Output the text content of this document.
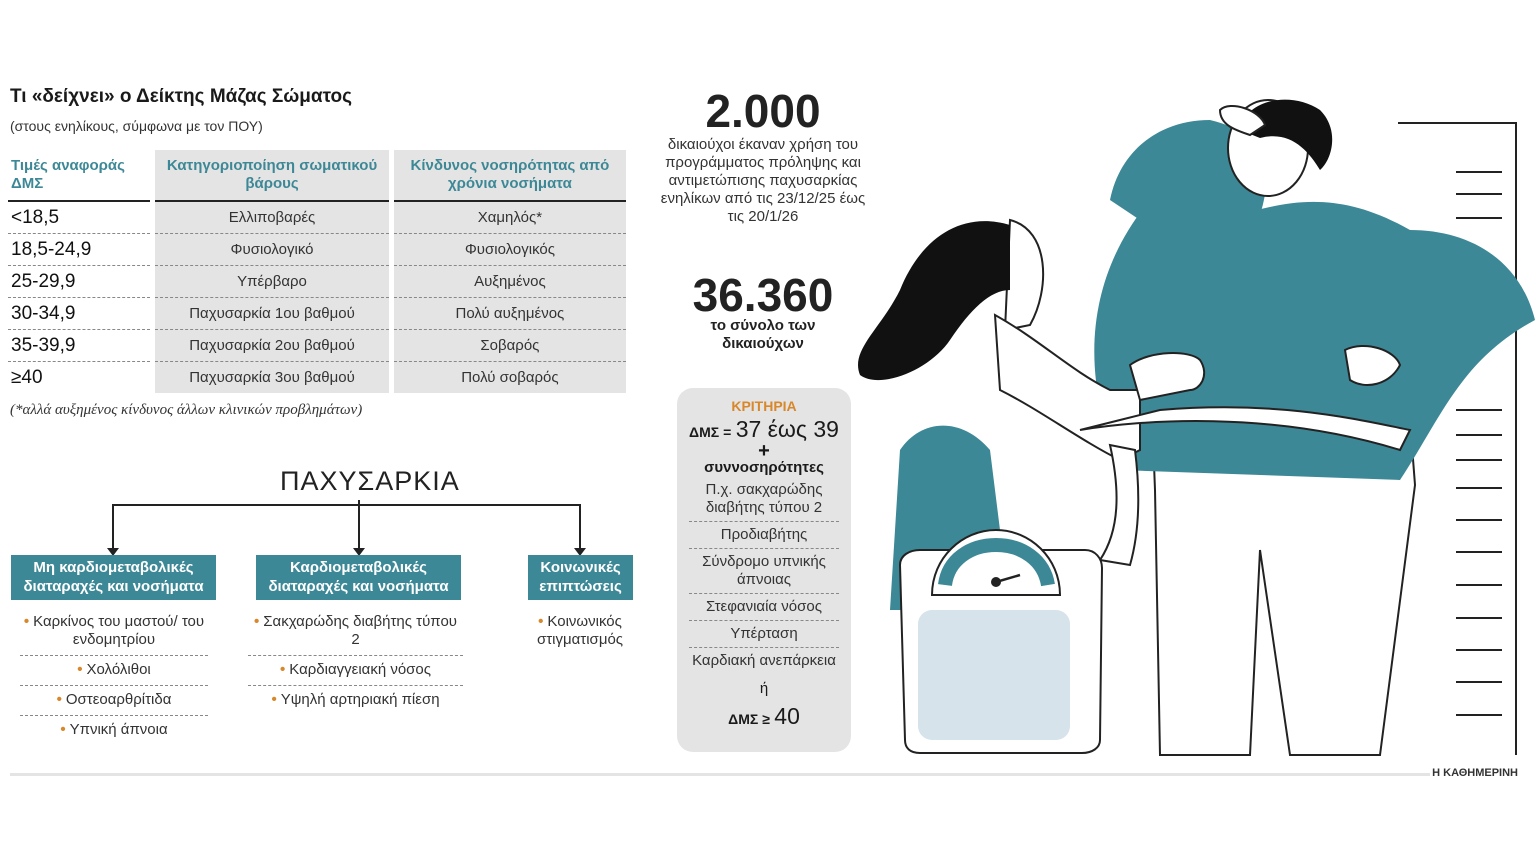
Τι «δείχνει» ο Δείκτης Μάζας Σώματος
(στους ενηλίκους, σύμφωνα με τον ΠΟΥ)
Τιμές αναφοράς ΔΜΣ	Κατηγοριοποίηση σωματικού βάρους	Κίνδυνος νοσηρότητας από χρόνια νοσήματα
<18,5	Ελλιποβαρές	Χαμηλός*
18,5-24,9	Φυσιολογικό	Φυσιολογικός
25-29,9	Υπέρβαρο	Αυξημένος
30-34,9	Παχυσαρκία 1ου βαθμού	Πολύ αυξημένος
35-39,9	Παχυσαρκία 2ου βαθμού	Σοβαρός
≥40	Παχυσαρκία 3ου βαθμού	Πολύ σοβαρός
(*αλλά αυξημένος κίνδυνος άλλων κλινικών προβλημάτων)
ΠΑΧΥΣΑΡΚΙΑ
Μη καρδιομεταβολικές διαταραχές και νοσήματα
Καρδιομεταβολικές διαταραχές και νοσήματα
Κοινωνικές επιπτώσεις
• Καρκίνος του μαστού/ του ενδομητρίου
• Χολόλιθοι
• Οστεοαρθρίτιδα
• Υπνική άπνοια
• Σακχαρώδης διαβήτης τύπου 2
• Καρδιαγγειακή νόσος
• Υψηλή αρτηριακή πίεση
• Κοινωνικός στιγματισμός
2.000
δικαιούχοι έκαναν χρήση του προγράμματος πρόληψης και αντιμετώπισης παχυσαρκίας ενηλίκων από τις 23/12/25 έως τις 20/1/26
36.360
το σύνολο των δικαιούχων
ΚΡΙΤΗΡΙΑ
ΔΜΣ = 37 έως 39
+
συννοσηρότητες
Π.χ. σακχαρώδης διαβήτης τύπου 2
Προδιαβήτης
Σύνδρομο υπνικής άπνοιας
Στεφανιαία νόσος
Υπέρταση
Καρδιακή ανεπάρκεια
ή
ΔΜΣ ≥ 40
Η ΚΑΘΗΜΕΡΙΝΗ
